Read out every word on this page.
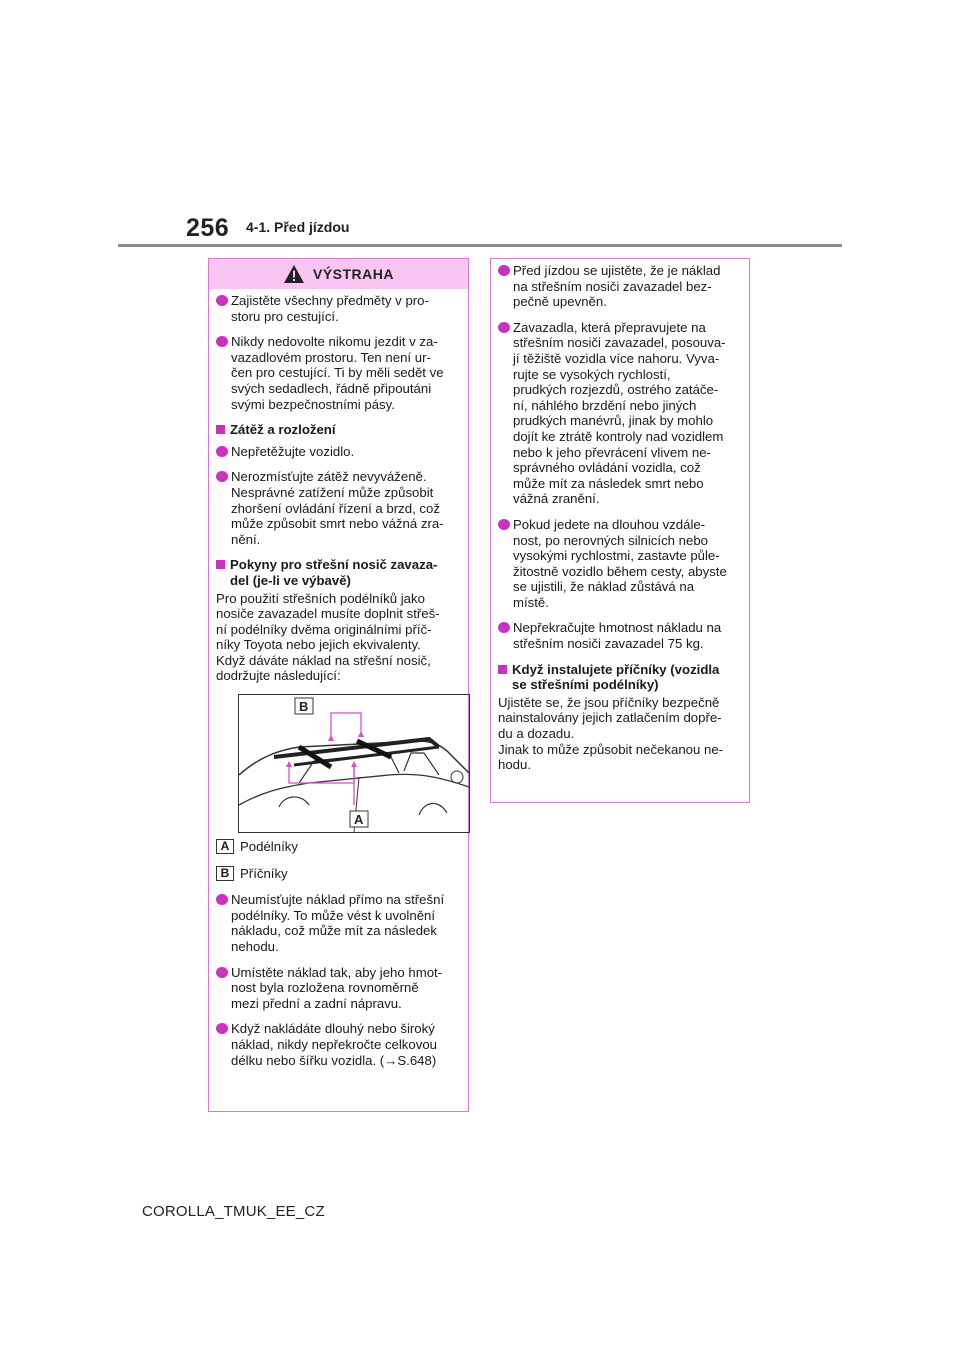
256 4-1. Před jízdou
VÝSTRAHA
Zajistěte všechny předměty v pro-
storu pro cestující.
Nikdy nedovolte nikomu jezdit v za-
vazadlovém prostoru. Ten není ur-
čen pro cestující. Ti by měli sedět ve
svých sedadlech, řádně připoutáni
svými bezpečnostními pásy.
Zátěž a rozložení
Nepřetěžujte vozidlo.
Nerozmísťujte zátěž nevyváženě.
Nesprávné zatížení může způsobit
zhoršení ovládání řízení a brzd, což
může způsobit smrt nebo vážná zra-
nění.
Pokyny pro střešní nosič zavaza-
del (je-li ve výbavě)
Pro použití střešních podélníků jako
nosiče zavazadel musíte doplnit střeš-
ní podélníky dvěma originálními příč-
níky Toyota nebo jejich ekvivalenty.
Když dáváte náklad na střešní nosič,
dodržujte následující:
B
A
A Podélníky
B Příčníky
Neumísťujte náklad přímo na střešní
podélníky. To může vést k uvolnění
nákladu, což může mít za následek
nehodu.
Umístěte náklad tak, aby jeho hmot-
nost byla rozložena rovnoměrně
mezi přední a zadní nápravu.
Když nakládáte dlouhý nebo široký
náklad, nikdy nepřekročte celkovou
délku nebo šířku vozidla. (→S.648)
Před jízdou se ujistěte, že je náklad
na střešním nosiči zavazadel bez-
pečně upevněn.
Zavazadla, která přepravujete na
střešním nosiči zavazadel, posouva-
jí těžiště vozidla více nahoru. Vyva-
rujte se vysokých rychlostí,
prudkých rozjezdů, ostrého zatáče-
ní, náhlého brzdění nebo jiných
prudkých manévrů, jinak by mohlo
dojít ke ztrátě kontroly nad vozidlem
nebo k jeho převrácení vlivem ne-
správného ovládání vozidla, což
může mít za následek smrt nebo
vážná zranění.
Pokud jedete na dlouhou vzdále-
nost, po nerovných silnicích nebo
vysokými rychlostmi, zastavte půle-
žitostně vozidlo během cesty, abyste
se ujistili, že náklad zůstává na
místě.
Nepřekračujte hmotnost nákladu na
střešním nosiči zavazadel 75 kg.
Když instalujete příčníky (vozidla
se střešními podélníky)
Ujistěte se, že jsou příčníky bezpečně
nainstalovány jejich zatlačením dopře-
du a dozadu.
Jinak to může způsobit nečekanou ne-
hodu.
COROLLA_TMUK_EE_CZ
